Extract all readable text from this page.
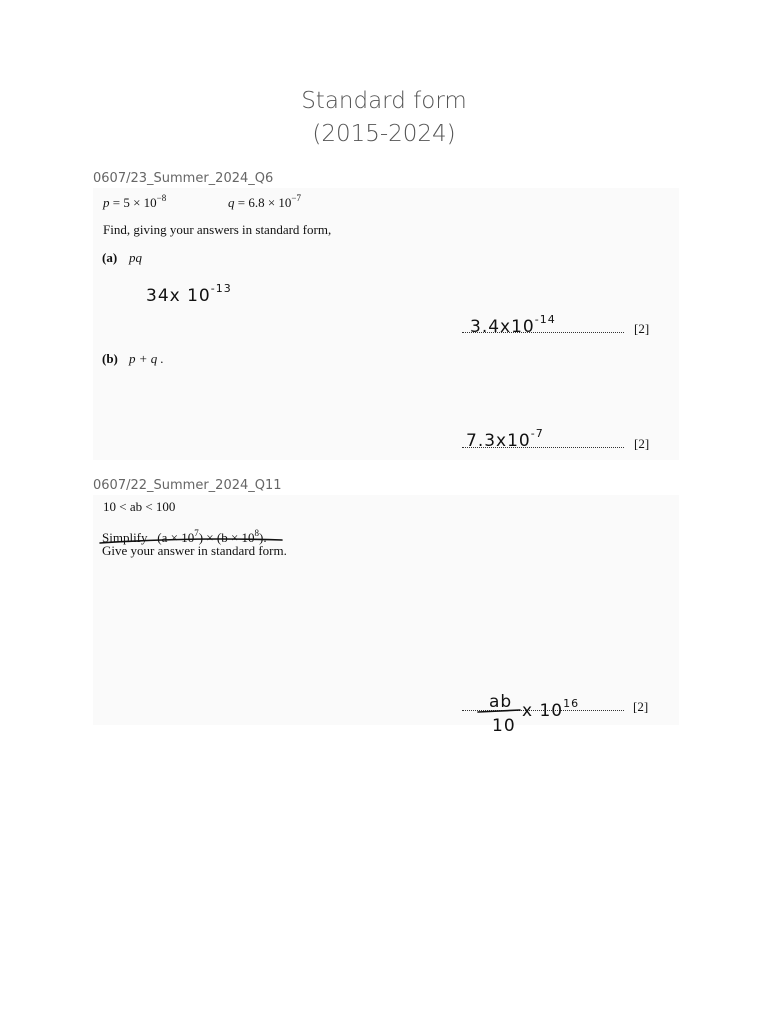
Standard form
(2015-2024)
0607/23_Summer_2024_Q6
$p = 5 \times 10^{-8}$	$q = 6.8 \times 10^{-7}$
Find, giving your answers in standard form,
(a) pq
34x $10^{-13}$
$3.4x10^{-14}$
[2]
(b) p + q .
$7.3x10^{-7}$
[2]
0607/22_Summer_2024_Q11
10 < ab < 100
Simplify $(a \times 10^7) \times (b \times 10^8)$.
Give your answer in standard form.
ab
10
x $10^{16}$	[2]
